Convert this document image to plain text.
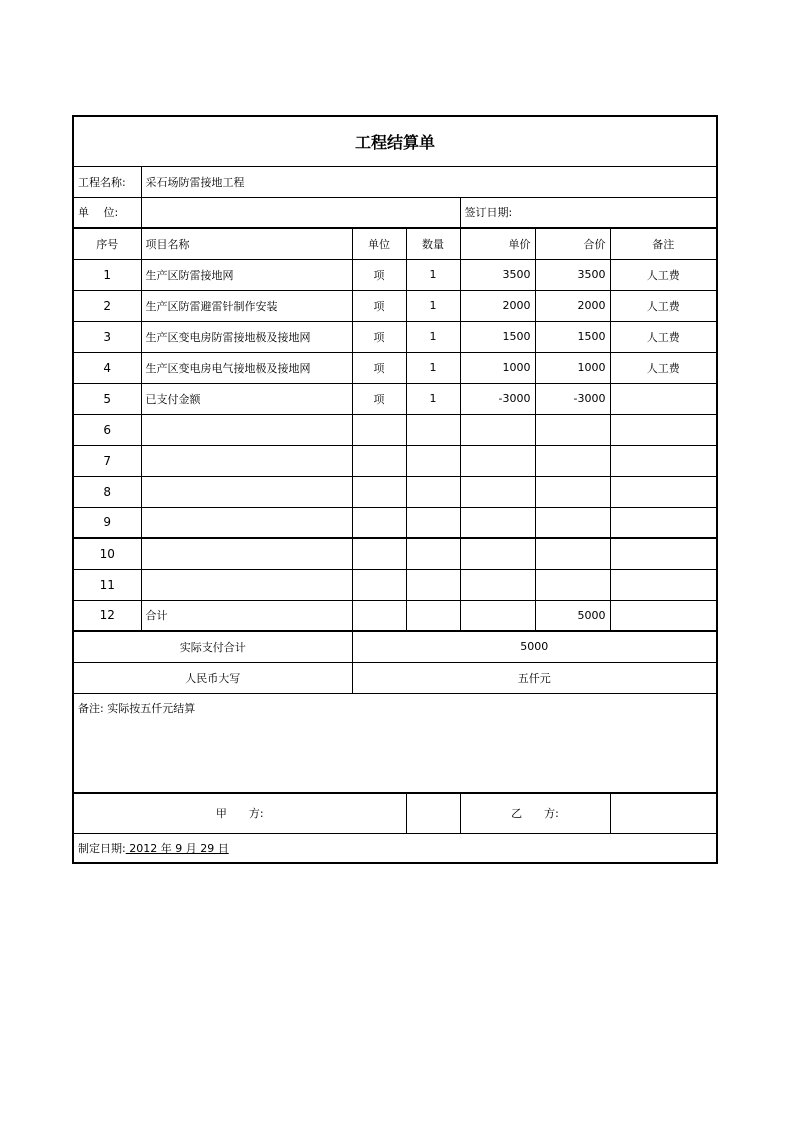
工程结算单						
工程名称:	采石场防雷接地工程					
单　 位:				签订日期:		
序号	项目名称	单位	数量	单价	合价	备注
1	生产区防雷接地网	项	1	3500	3500	人工费
2	生产区防雷避雷针制作安装	项	1	2000	2000	人工费
3	生产区变电房防雷接地极及接地网	项	1	1500	1500	人工费
4	生产区变电房电气接地极及接地网	项	1	1000	1000	人工费
5	已支付金额	项	1	-3000	-3000	
6						
7						
8						
9						
10						
11						
12	合计				5000	
实际支付合计		5000				
人民币大写		五仟元				
备注: 实际按五仟元结算						
甲　　方:				乙　　方:		
制定日期: 2012 年 9 月 29 日						
